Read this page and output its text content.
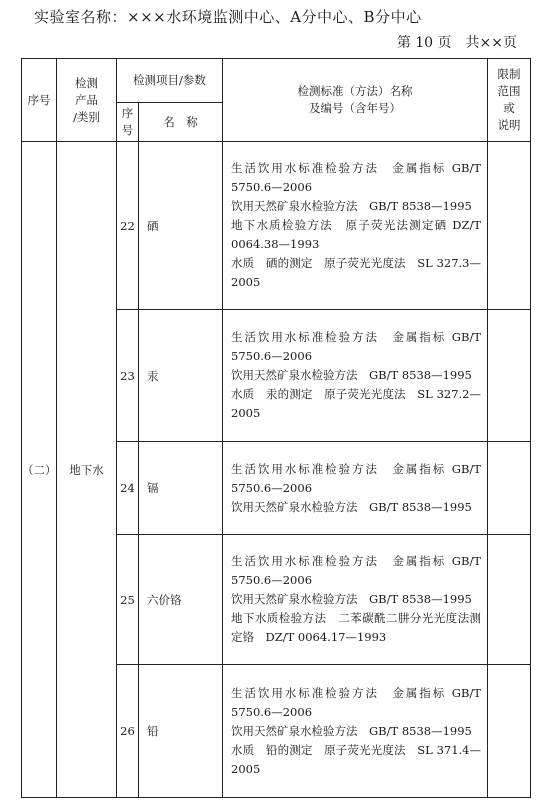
实验室名称：×××水环境监测中心、A分中心、B分中心
第 10 页　共××页
序号	检测
产品
/类别	检测项目/参数		检测标准（方法）名称
及编号（含年号）	限制
范围
或
说明
		序
号	名　称		
（二）	地下水	22	硒	生活饮用水标准检验方法　金属指标 GB/T 5750.6—2006
饮用天然矿泉水检验方法　GB/T 8538—1995
地下水质检验方法　原子荧光法测定硒 DZ/T 0064.38—1993
水质　硒的测定　原子荧光光度法　SL 327.3—2005	

		23	汞	生活饮用水标准检验方法　金属指标 GB/T 5750.6—2006
饮用天然矿泉水检验方法　GB/T 8538—1995
水质　汞的测定　原子荧光光度法　SL 327.2—2005	

		24	镉	生活饮用水标准检验方法　金属指标 GB/T 5750.6—2006
饮用天然矿泉水检验方法　GB/T 8538—1995	

		25	六价铬	生活饮用水标准检验方法　金属指标 GB/T 5750.6—2006
饮用天然矿泉水检验方法　GB/T 8538—1995
地下水质检验方法　二苯碳酰二肼分光光度法测定铬　DZ/T 0064.17—1993	

		26	铅	生活饮用水标准检验方法　金属指标 GB/T 5750.6—2006
饮用天然矿泉水检验方法　GB/T 8538—1995
水质　铅的测定　原子荧光光度法　SL 371.4—2005	
